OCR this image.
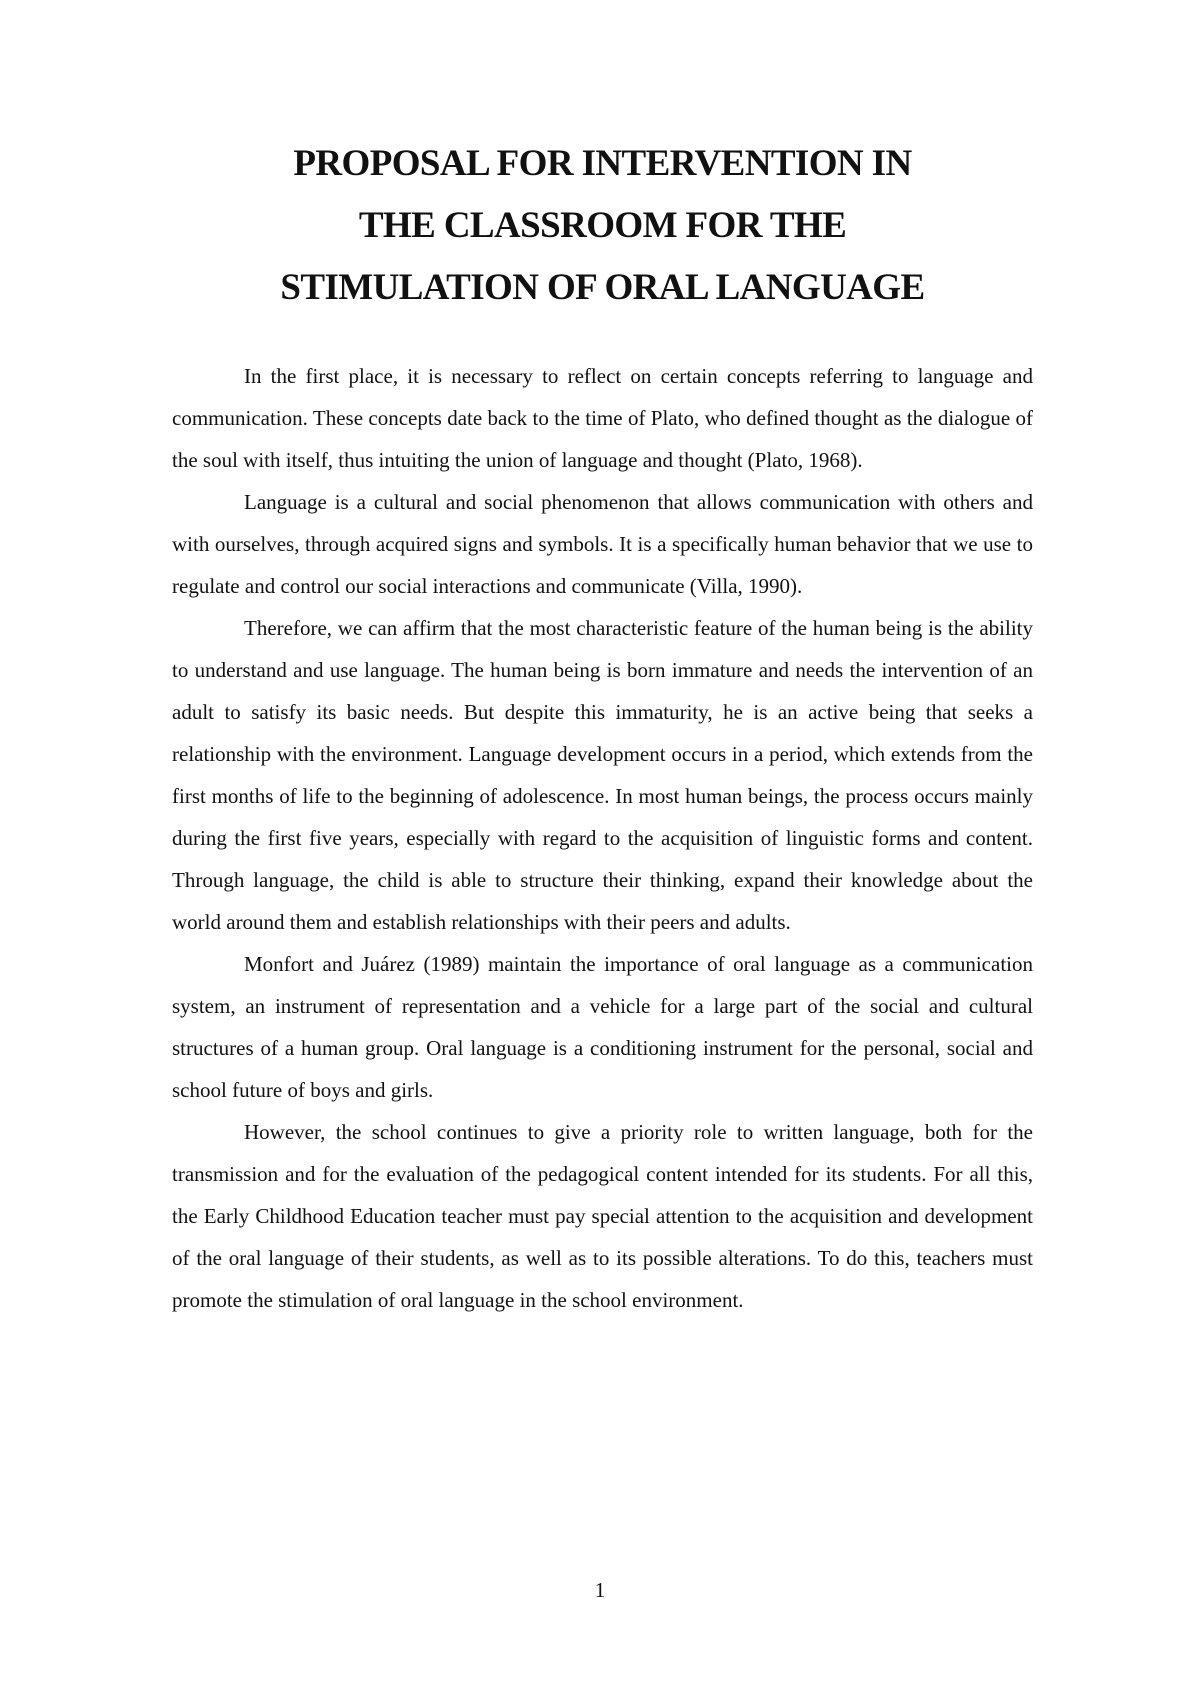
PROPOSAL FOR INTERVENTION IN
THE CLASSROOM FOR THE
STIMULATION OF ORAL LANGUAGE

In the first place, it is necessary to reflect on certain concepts referring to language and communication. These concepts date back to the time of Plato, who defined thought as the dialogue of the soul with itself, thus intuiting the union of language and thought (Plato, 1968).

Language is a cultural and social phenomenon that allows communication with others and with ourselves, through acquired signs and symbols. It is a specifically human behavior that we use to regulate and control our social interactions and communicate (Villa, 1990).

Therefore, we can affirm that the most characteristic feature of the human being is the ability to understand and use language. The human being is born immature and needs the intervention of an adult to satisfy its basic needs. But despite this immaturity, he is an active being that seeks a relationship with the environment. Language development occurs in a period, which extends from the first months of life to the beginning of adolescence. In most human beings, the process occurs mainly during the first five years, especially with regard to the acquisition of linguistic forms and content. Through language, the child is able to structure their thinking, expand their knowledge about the world around them and establish relationships with their peers and adults.

Monfort and Juárez (1989) maintain the importance of oral language as a communication system, an instrument of representation and a vehicle for a large part of the social and cultural structures of a human group. Oral language is a conditioning instrument for the personal, social and school future of boys and girls.

However, the school continues to give a priority role to written language, both for the transmission and for the evaluation of the pedagogical content intended for its students. For all this, the Early Childhood Education teacher must pay special attention to the acquisition and development of the oral language of their students, as well as to its possible alterations. To do this, teachers must promote the stimulation of oral language in the school environment.

1
